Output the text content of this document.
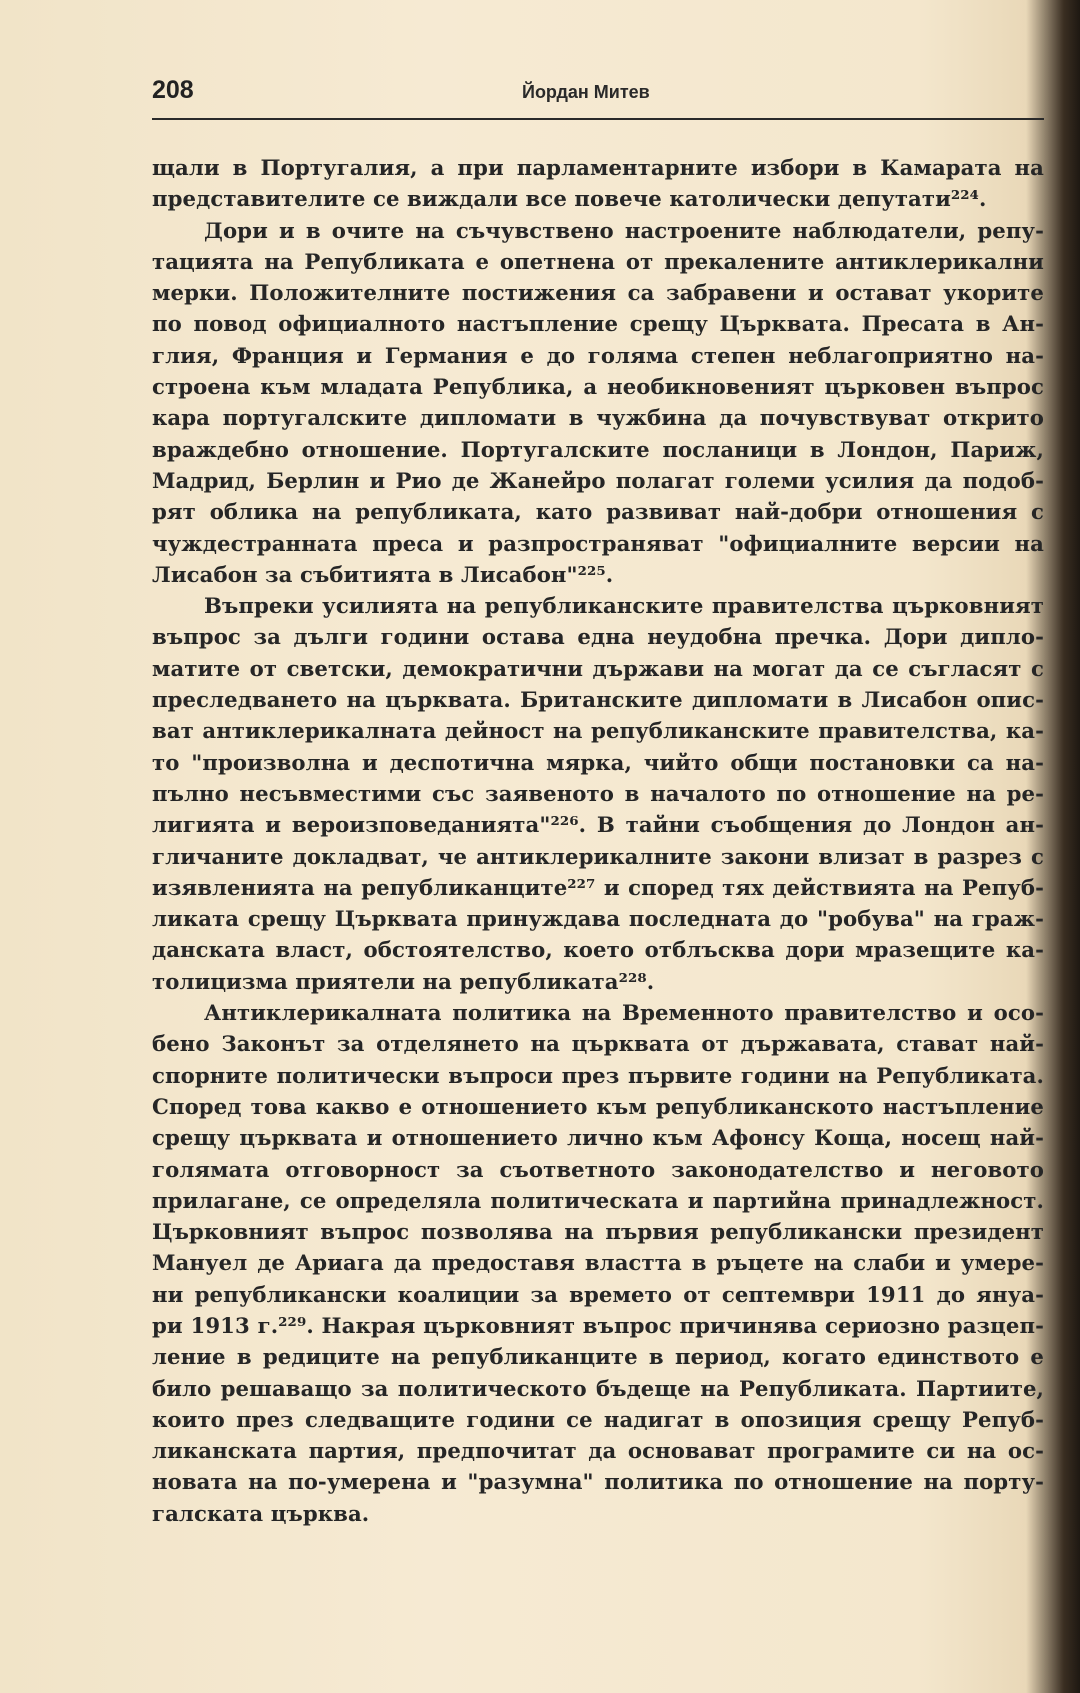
208	Йордан Митев
щали в Португалия, а при парламентарните избори в Камарата на
представителите се виждали все повече католически депутати²²⁴.
Дори и в очите на съчувствено настроените наблюдатели, репу-
тацията на Републиката е опетнена от прекалените антиклерикални
мерки. Положителните постижения са забравени и остават укорите
по повод официалното настъпление срещу Църквата. Пресата в Ан-
глия, Франция и Германия е до голяма степен неблагоприятно на-
строена към младата Република, а необикновеният църковен въпрос
кара португалските дипломати в чужбина да почувствуват открито
враждебно отношение. Португалските посланици в Лондон, Париж,
Мадрид, Берлин и Рио де Жанейро полагат големи усилия да подоб-
рят облика на републиката, като развиват най-добри отношения с
чуждестранната преса и разпространяват "официалните версии на
Лисабон за събитията в Лисабон"²²⁵.
Въпреки усилията на републиканските правителства църковният
въпрос за дълги години остава една неудобна пречка. Дори дипло-
матите от светски, демократични държави на могат да се съгласят с
преследването на църквата. Британските дипломати в Лисабон опис-
ват антиклерикалната дейност на републиканските правителства, ка-
то "произволна и деспотична мярка, чийто общи постановки са на-
пълно несъвместими със заявеното в началото по отношение на ре-
лигията и вероизповеданията"²²⁶. В тайни съобщения до Лондон ан-
гличаните докладват, че антиклерикалните закони влизат в разрез с
изявленията на републиканците²²⁷ и според тях действията на Репуб-
ликата срещу Църквата принуждава последната до "робува" на граж-
данската власт, обстоятелство, което отблъсква дори мразещите ка-
толицизма приятели на републиката²²⁸.
Антиклерикалната политика на Временното правителство и осо-
бено Законът за отделянето на църквата от държавата, стават най-
спорните политически въпроси през първите години на Републиката.
Според това какво е отношението към републиканското настъпление
срещу църквата и отношението лично към Афонсу Коща, носещ най-
голямата отговорност за съответното законодателство и неговото
прилагане, се определяла политическата и партийна принадлежност.
Църковният въпрос позволява на първия републикански президент
Мануел де Ариага да предоставя властта в ръцете на слаби и умере-
ни републикански коалиции за времето от септември 1911 до януа-
ри 1913 г.²²⁹. Накрая църковният въпрос причинява сериозно разцеп-
ление в редиците на републиканците в период, когато единството е
било решаващо за политическото бъдеще на Републиката. Партиите,
които през следващите години се надигат в опозиция срещу Репуб-
ликанската партия, предпочитат да основават програмите си на ос-
новата на по-умерена и "разумна" политика по отношение на порту-
галската църква.
